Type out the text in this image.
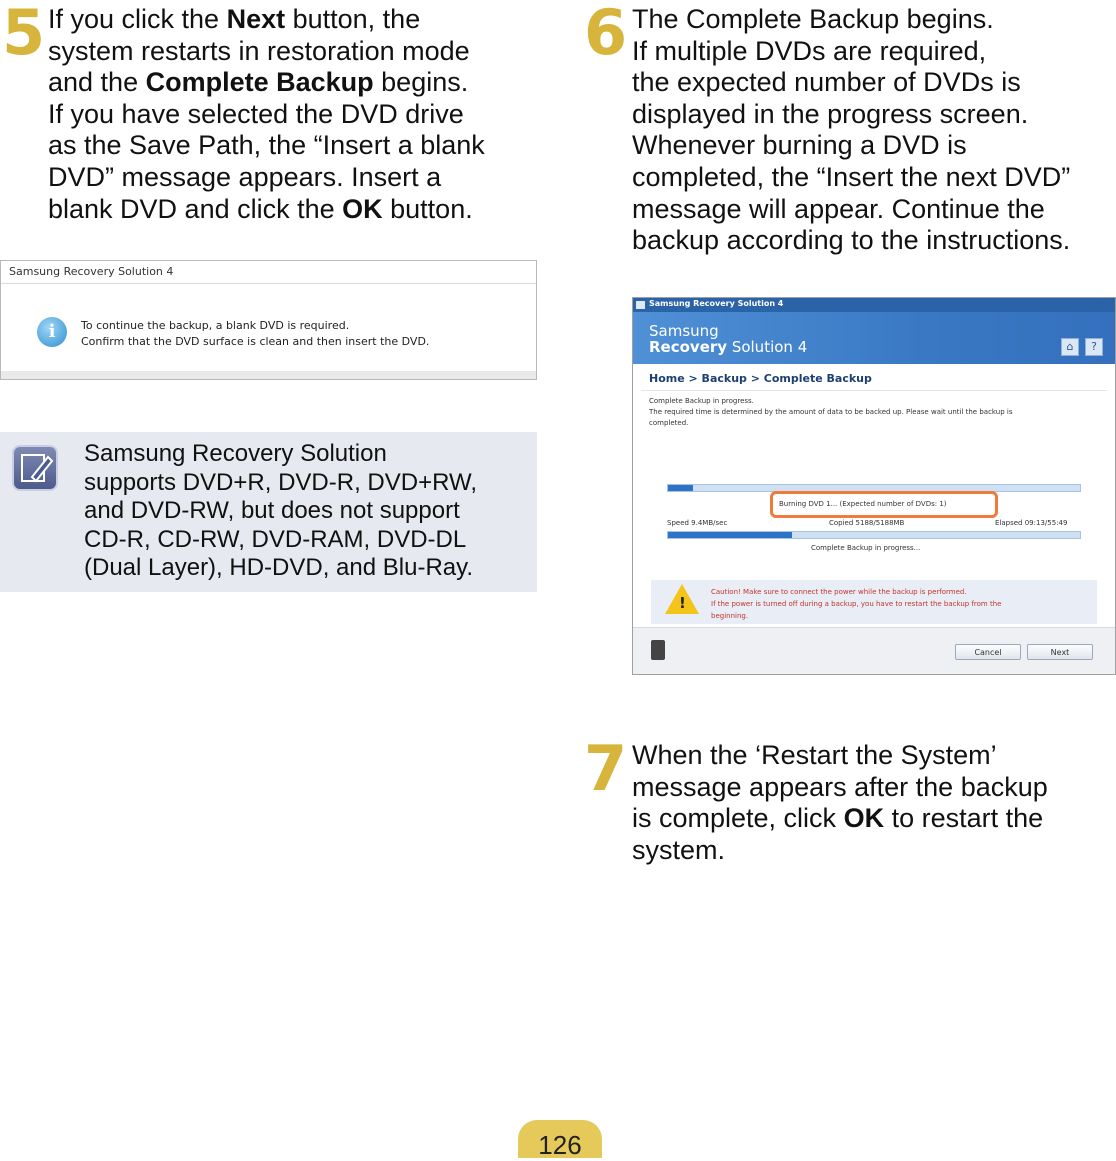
5 If you click the Next button, the
system restarts in restoration mode
and the Complete Backup begins.
If you have selected the DVD drive
as the Save Path, the “Insert a blank
DVD” message appears. Insert a
blank DVD and click the OK button.
Samsung Recovery Solution 4
i	To continue the backup, a blank DVD is required.
Confirm that the DVD surface is clean and then insert the DVD.
Samsung Recovery Solution
supports DVD+R, DVD-R, DVD+RW,
and DVD-RW, but does not support
CD-R, CD-RW, DVD-RAM, DVD-DL
(Dual Layer), HD-DVD, and Blu-Ray.
6 The Complete Backup begins.
If multiple DVDs are required,
the expected number of DVDs is
displayed in the progress screen.
Whenever burning a DVD is
completed, the “Insert the next DVD”
message will appear. Continue the
backup according to the instructions.
Samsung Recovery Solution 4
Samsung
Recovery Solution 4	⌂	?
Home > Backup > Complete Backup
Complete Backup in progress.
The required time is determined by the amount of data to be backed up. Please wait until the backup is
completed.
Burning DVD 1... (Expected number of DVDs: 1)
Speed 9.4MB/sec	Copied 5188/5188MB	Elapsed 09:13/55:49
Complete Backup in progress...
!
Caution! Make sure to connect the power while the backup is performed.
If the power is turned off during a backup, you have to restart the backup from the
beginning.
Cancel	Next
7 When the ‘Restart the System’
message appears after the backup
is complete, click OK to restart the
system.
126
